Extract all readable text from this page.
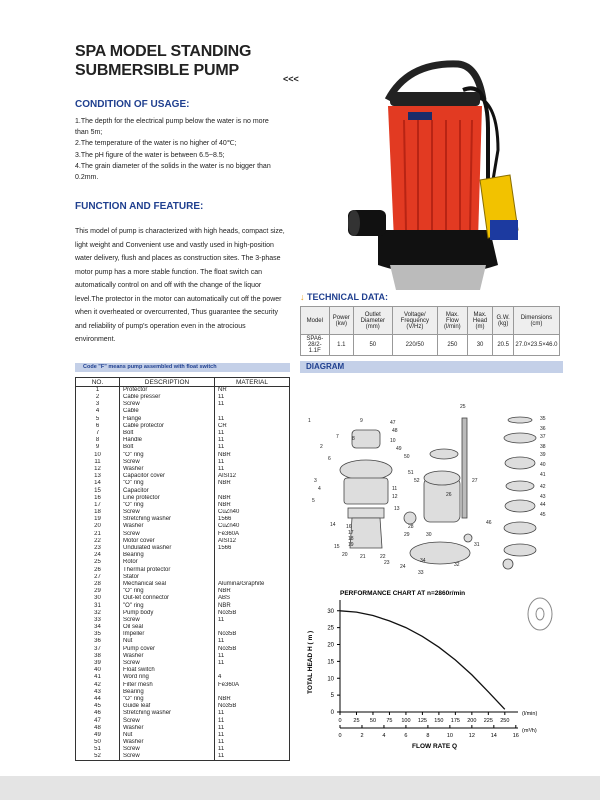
SPA MODEL STANDING
SUBMERSIBLE PUMP	<<<
CONDITION OF USAGE:
1.The depth for the electrical pump below the water is no more than 5m;
2.The temperature of the water is no higher of 40℃;
3.The pH figure of the water is between 6.5~8.5;
4.The grain diameter of the solids in the water is no bigger than 0.2mm.
FUNCTION AND FEATURE:
This model of pump is characterized with high heads, compact size, light weight and Convenient use and vastly used in high-position water delivery, flush and places as construction sites. The 3-phase motor pump has a more stable function. The float switch can automatically control on and off with the change of the liquor level.The protector in the motor can automatically cut off the power when it overheated or overcurrented, Thus guarantee the security and reliability of pump's operation even in the atrocious environment.
↓ TECHNICAL DATA:
Model	Power (kw)	Outlet Diameter (mm)	Voltage/ Frequency (V/Hz)	Max. Flow (l/min)	Max. Head (m)	G.W. (kg)	Dimensions (cm)
SPA6-28/2-1.1F	1.1	50	220/50	250	30	20.5	27.0×23.5×46.0
Code "F" means pump assembled with float switch	DIAGRAM
NO.	DESCRIPTION	MATERIAL
1	Protector	NR
2	Cable presser	11
3	Screw	11
4	Cable	
5	Flange	11
6	Cable protector	CR
7	Bolt	11
8	Handle	11
9	Bolt	11
10	"O" ring	NBR
11	Screw	11
12	Washer	11
13	Capacitor cover	AISI12
14	"O" ring	NBR
15	Capacitor	
16	Line protector	NBR
17	"O" ring	NBR
18	Screw	CuZn40
19	Stretching washer	1566
20	Washer	CuZn40
21	Screw	Fe360A
22	Motor cover	AISI12
23	Undulated washer	1566
24	Bearing	
25	Rotor	
26	Thermal protector	
27	Stator	
28	Mechanical seal	Alumina/Graphite
29	"O" ring	NBR
30	Out-let connector	ABS
31	"O" ring	NBR
32	Pump body	No35B
33	Screw	11
34	Oil seal	
35	Impeller	No35B
36	Nut	11
37	Pump cover	No35B
38	Washer	11
39	Screw	11
40	Float switch	
41	Word ring	4
42	Filter mesh	Fe360A
43	Bearing	
44	"O" ring	NBR
45	Guide leaf	No35B
46	Stretching washer	11
47	Screw	11
48	Washer	11
49	Nut	11
50	Washer	11
51	Screw	11
52	Screw	11
1
2
3
4
5
6
7	8
9
10
11
12
13
14
15
16
17
18
19
20 21	22
23
24
25
26
27
28
29	30
31
32
33
34
35
36
37
38
39
40
41
42
43
44
45
46
47
48
49
50
51
52
PERFORMANCE CHART AT n=2860r/min
TOTAL HEAD H ( m )
FLOW RATE Q
(l/min)
(m³/h)
0
5
10
15
20
25
30
0 25 50 75 100 125 150 175 200 225 250
0	2	4	6	8	10	12	14	16
